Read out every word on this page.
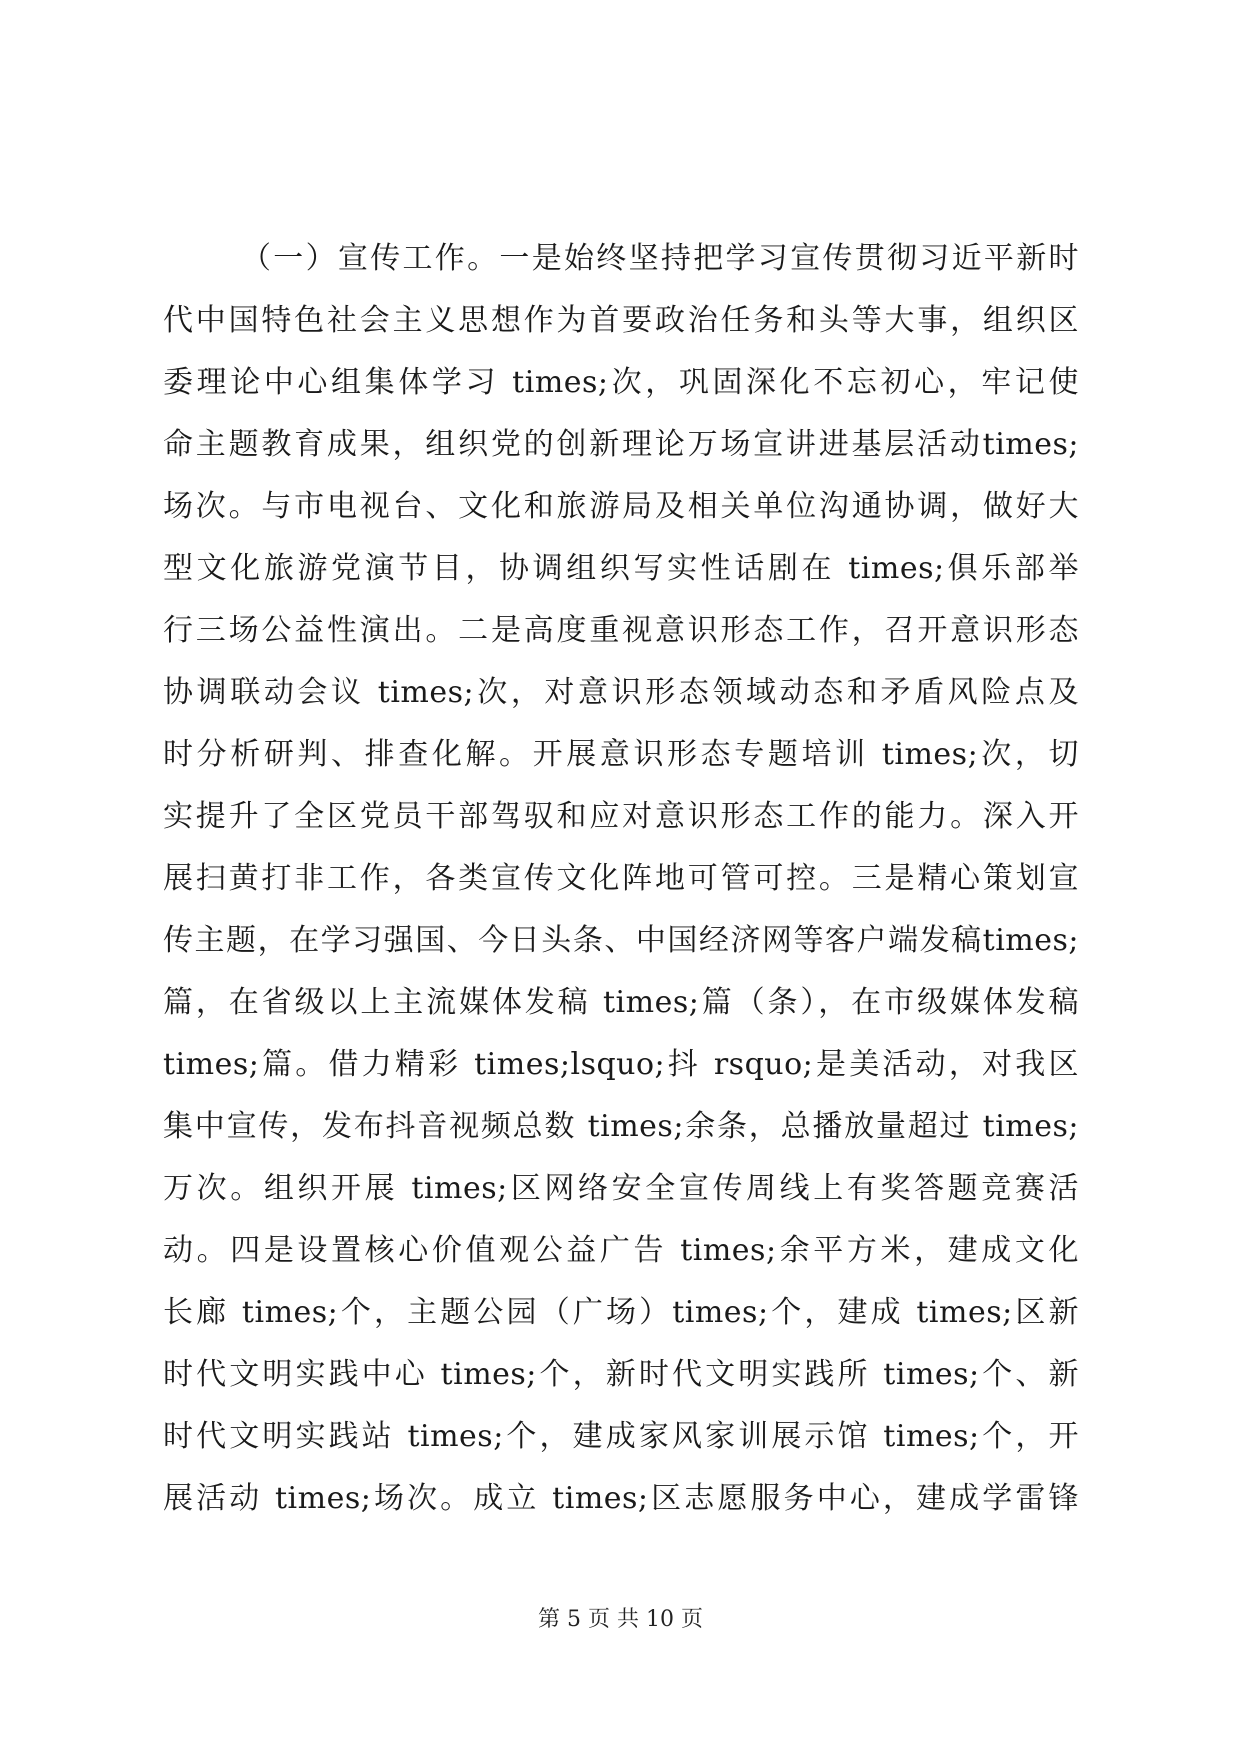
（一）宣传工作。一是始终坚持把学习宣传贯彻习近平新时
代中国特色社会主义思想作为首要政治任务和头等大事，组织区
委理论中心组集体学习 times;次，巩固深化不忘初心，牢记使
命主题教育成果，组织党的创新理论万场宣讲进基层活动times;
场次。与市电视台、文化和旅游局及相关单位沟通协调，做好大
型文化旅游党演节目，协调组织写实性话剧在 times;俱乐部举
行三场公益性演出。二是高度重视意识形态工作，召开意识形态
协调联动会议 times;次，对意识形态领域动态和矛盾风险点及
时分析研判、排查化解。开展意识形态专题培训 times;次，切
实提升了全区党员干部驾驭和应对意识形态工作的能力。深入开
展扫黄打非工作，各类宣传文化阵地可管可控。三是精心策划宣
传主题，在学习强国、今日头条、中国经济网等客户端发稿times;
篇，在省级以上主流媒体发稿 times;篇（条），在市级媒体发稿
times;篇。借力精彩 times;lsquo;抖 rsquo;是美活动，对我区
集中宣传，发布抖音视频总数 times;余条，总播放量超过 times;
万次。组织开展 times;区网络安全宣传周线上有奖答题竞赛活
动。四是设置核心价值观公益广告 times;余平方米，建成文化
长廊 times;个，主题公园（广场）times;个，建成 times;区新
时代文明实践中心 times;个，新时代文明实践所 times;个、新
时代文明实践站 times;个，建成家风家训展示馆 times;个，开
展活动 times;场次。成立 times;区志愿服务中心，建成学雷锋
第 5 页 共 10 页
